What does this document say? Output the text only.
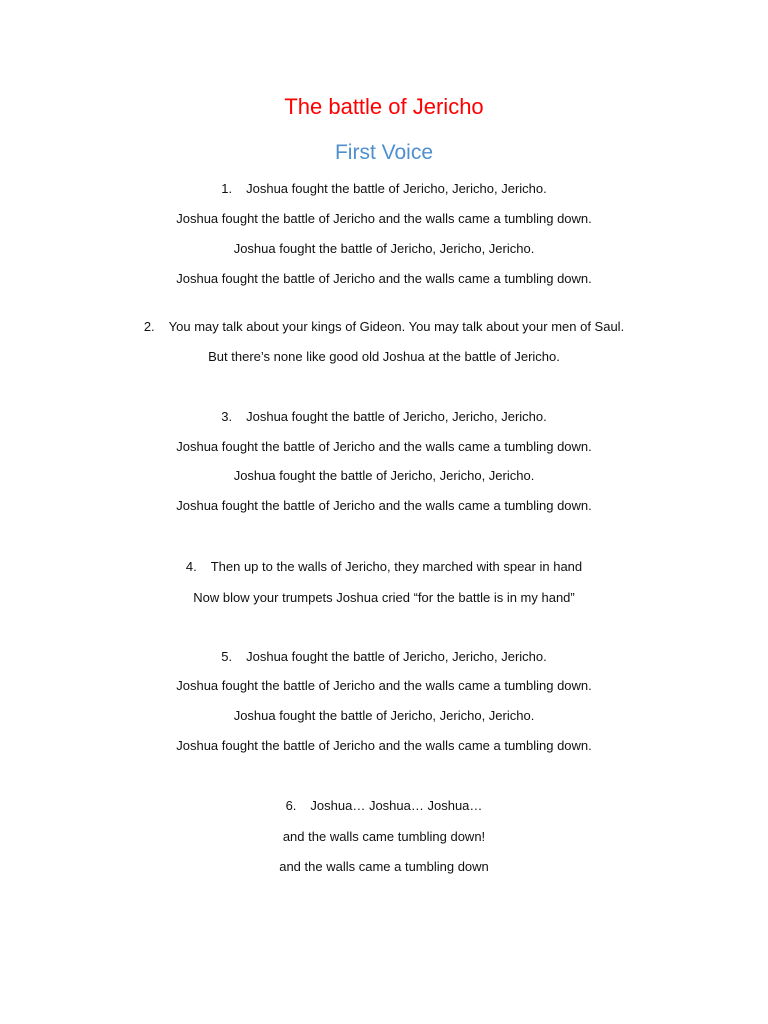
The battle of Jericho
First Voice
1. Joshua fought the battle of Jericho, Jericho, Jericho.
Joshua fought the battle of Jericho and the walls came a tumbling down.
Joshua fought the battle of Jericho, Jericho, Jericho.
Joshua fought the battle of Jericho and the walls came a tumbling down.
2. You may talk about your kings of Gideon. You may talk about your men of Saul.
But there’s none like good old Joshua at the battle of Jericho.
3. Joshua fought the battle of Jericho, Jericho, Jericho.
Joshua fought the battle of Jericho and the walls came a tumbling down.
Joshua fought the battle of Jericho, Jericho, Jericho.
Joshua fought the battle of Jericho and the walls came a tumbling down.
4. Then up to the walls of Jericho, they marched with spear in hand
Now blow your trumpets Joshua cried “for the battle is in my hand”
5. Joshua fought the battle of Jericho, Jericho, Jericho.
Joshua fought the battle of Jericho and the walls came a tumbling down.
Joshua fought the battle of Jericho, Jericho, Jericho.
Joshua fought the battle of Jericho and the walls came a tumbling down.
6. Joshua… Joshua… Joshua…
and the walls came tumbling down!
and the walls came a tumbling down
